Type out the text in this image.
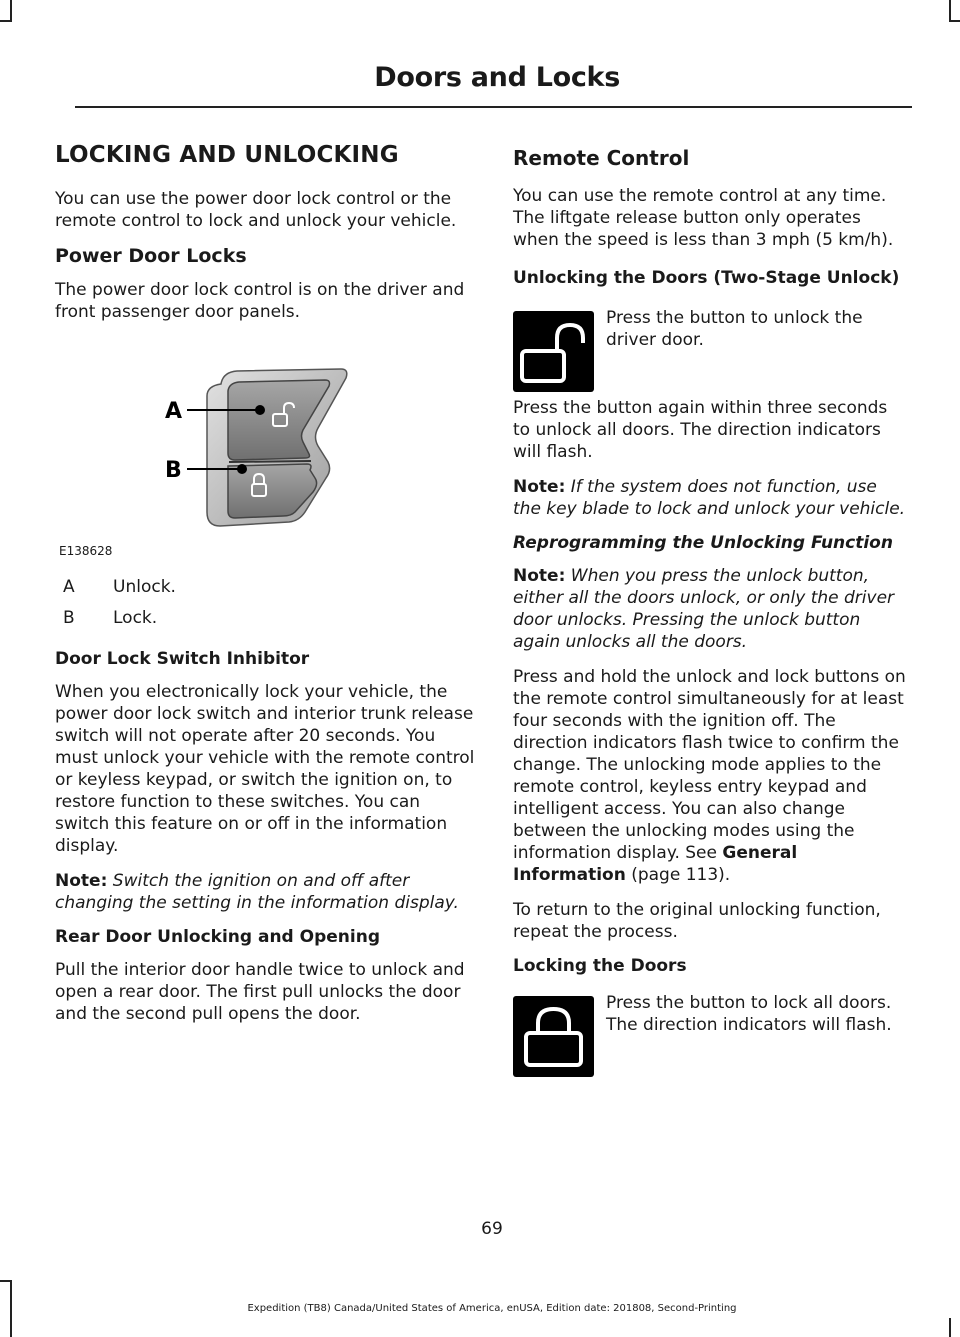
Doors and Locks
LOCKING AND UNLOCKING

You can use the power door lock control or the remote control to lock and unlock your vehicle.

Power Door Locks

The power door lock control is on the driver and front passenger door panels.

A
B
E138628
A	Unlock.
B	Lock.
Door Lock Switch Inhibitor

When you electronically lock your vehicle, the power door lock switch and interior trunk release switch will not operate after 20 seconds. You must unlock your vehicle with the remote control or keyless keypad, or switch the ignition on, to restore function to these switches. You can switch this feature on or off in the information display.

Note: Switch the ignition on and off after changing the setting in the information display.

Rear Door Unlocking and Opening

Pull the interior door handle twice to unlock and open a rear door. The first pull unlocks the door and the second pull opens the door.

Remote Control

You can use the remote control at any time. The liftgate release button only operates when the speed is less than 3 mph (5 km/h).

Unlocking the Doors (Two-Stage Unlock)
Press the button to unlock the driver door.

Press the button again within three seconds to unlock all doors. The direction indicators will flash.

Note: If the system does not function, use the key blade to lock and unlock your vehicle.

Reprogramming the Unlocking Function

Note: When you press the unlock button, either all the doors unlock, or only the driver door unlocks. Pressing the unlock button again unlocks all the doors.

Press and hold the unlock and lock buttons on the remote control simultaneously for at least four seconds with the ignition off. The direction indicators flash twice to confirm the change. The unlocking mode applies to the remote control, keyless entry keypad and intelligent access. You can also change between the unlocking modes using the information display. See General Information (page 113).

To return to the original unlocking function, repeat the process.

Locking the Doors
Press the button to lock all doors. The direction indicators will flash.
69
Expedition (TB8) Canada/United States of America, enUSA, Edition date: 201808, Second-Printing
